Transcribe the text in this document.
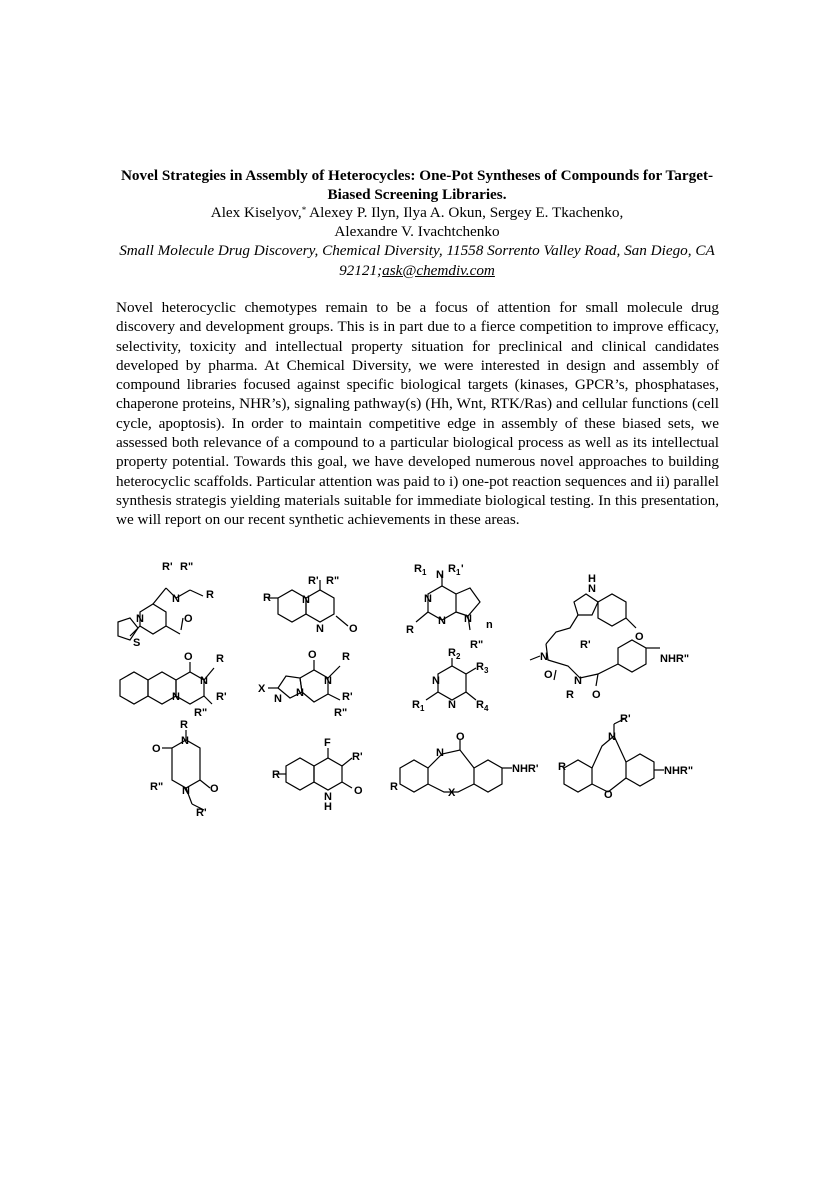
Novel Strategies in Assembly of Heterocycles: One-Pot Syntheses of Compounds for Target-Biased Screening Libraries.
Alex Kiselyov,* Alexey P. Ilyn, Ilya A. Okun, Sergey E. Tkachenko,
Alexandre V. Ivachtchenko
Small Molecule Drug Discovery, Chemical Diversity, 11558 Sorrento Valley Road, San Diego, CA 92121;ask@chemdiv.com
Novel heterocyclic chemotypes remain to be a focus of attention for small molecule drug discovery and development groups. This is in part due to a fierce competition to improve efficacy, selectivity, toxicity and intellectual property situation for preclinical and clinical candidates developed by pharma. At Chemical Diversity, we were interested in design and assembly of compound libraries focused against specific biological targets (kinases, GPCR’s, phosphatases, chaperone proteins, NHR’s), signaling pathway(s) (Hh, Wnt, RTK/Ras) and cellular functions (cell cycle, apoptosis). In order to maintain competitive edge in assembly of these biased sets, we assessed both relevance of a compound to a particular biological process as well as its intellectual property potential. Towards this goal, we have developed numerous novel approaches to building heterocyclic scaffolds. Particular attention was paid to i) one-pot reaction sequences and ii) parallel synthesis strategis yielding materials suitable for immediate biological testing. In this presentation, we will report on our recent synthetic achievements in these areas.
R' R"
N R
N	O
S
R' R"
R	N
N O
R 1 N R 1 '
N
N N
R
R"
n
H
N
O
N
R'
O N
R
NHR"
O
O R
N
N	R'
R"
O R
N
X
N N	R'
R"
R 2
R 3
N
N
R 1	R 4
R
O
N
N O
R"
R'
F
R'
R
N
H
O
N
O
NHR'
R	X
R'
N
R
O
NHR"
